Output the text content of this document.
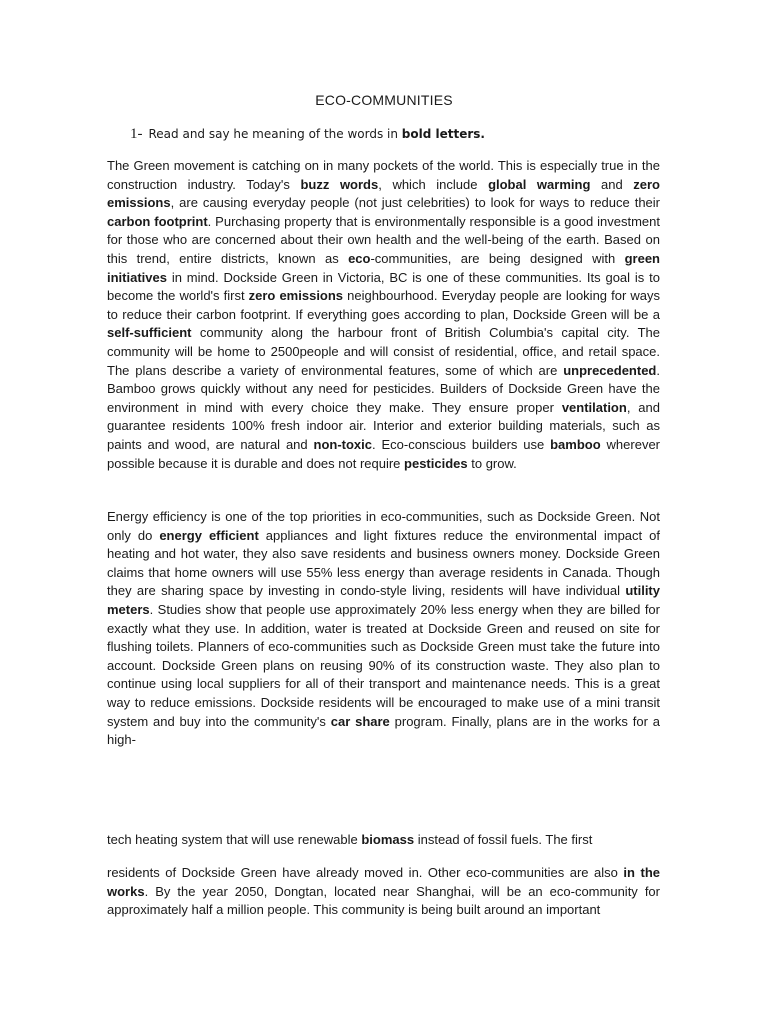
ECO-COMMUNITIES
1- Read and say he meaning of the words in bold letters.
The Green movement is catching on in many pockets of the world. This is especially true in the construction industry. Today's buzz words, which include global warming and zero emissions, are causing everyday people (not just celebrities) to look for ways to reduce their carbon footprint. Purchasing property that is environmentally responsible is a good investment for those who are concerned about their own health and the well-being of the earth. Based on this trend, entire districts, known as eco-communities, are being designed with green initiatives in mind. Dockside Green in Victoria, BC is one of these communities. Its goal is to become the world's first zero emissions neighbourhood. Everyday people are looking for ways to reduce their carbon footprint. If everything goes according to plan, Dockside Green will be a self-sufficient community along the harbour front of British Columbia's capital city. The community will be home to 2500people and will consist of residential, office, and retail space. The plans describe a variety of environmental features, some of which are unprecedented. Bamboo grows quickly without any need for pesticides. Builders of Dockside Green have the environment in mind with every choice they make. They ensure proper ventilation, and guarantee residents 100% fresh indoor air. Interior and exterior building materials, such as paints and wood, are natural and non-toxic. Eco-conscious builders use bamboo wherever possible because it is durable and does not require pesticides to grow.
Energy efficiency is one of the top priorities in eco-communities, such as Dockside Green. Not only do energy efficient appliances and light fixtures reduce the environmental impact of heating and hot water, they also save residents and business owners money. Dockside Green claims that home owners will use 55% less energy than average residents in Canada. Though they are sharing space by investing in condo-style living, residents will have individual utility meters. Studies show that people use approximately 20% less energy when they are billed for exactly what they use. In addition, water is treated at Dockside Green and reused on site for flushing toilets. Planners of eco-communities such as Dockside Green must take the future into account. Dockside Green plans on reusing 90% of its construction waste. They also plan to continue using local suppliers for all of their transport and maintenance needs. This is a great way to reduce emissions. Dockside residents will be encouraged to make use of a mini transit system and buy into the community's car share program. Finally, plans are in the works for a high-
tech heating system that will use renewable biomass instead of fossil fuels. The first
residents of Dockside Green have already moved in. Other eco-communities are also in the works. By the year 2050, Dongtan, located near Shanghai, will be an eco-community for approximately half a million people. This community is being built around an important
